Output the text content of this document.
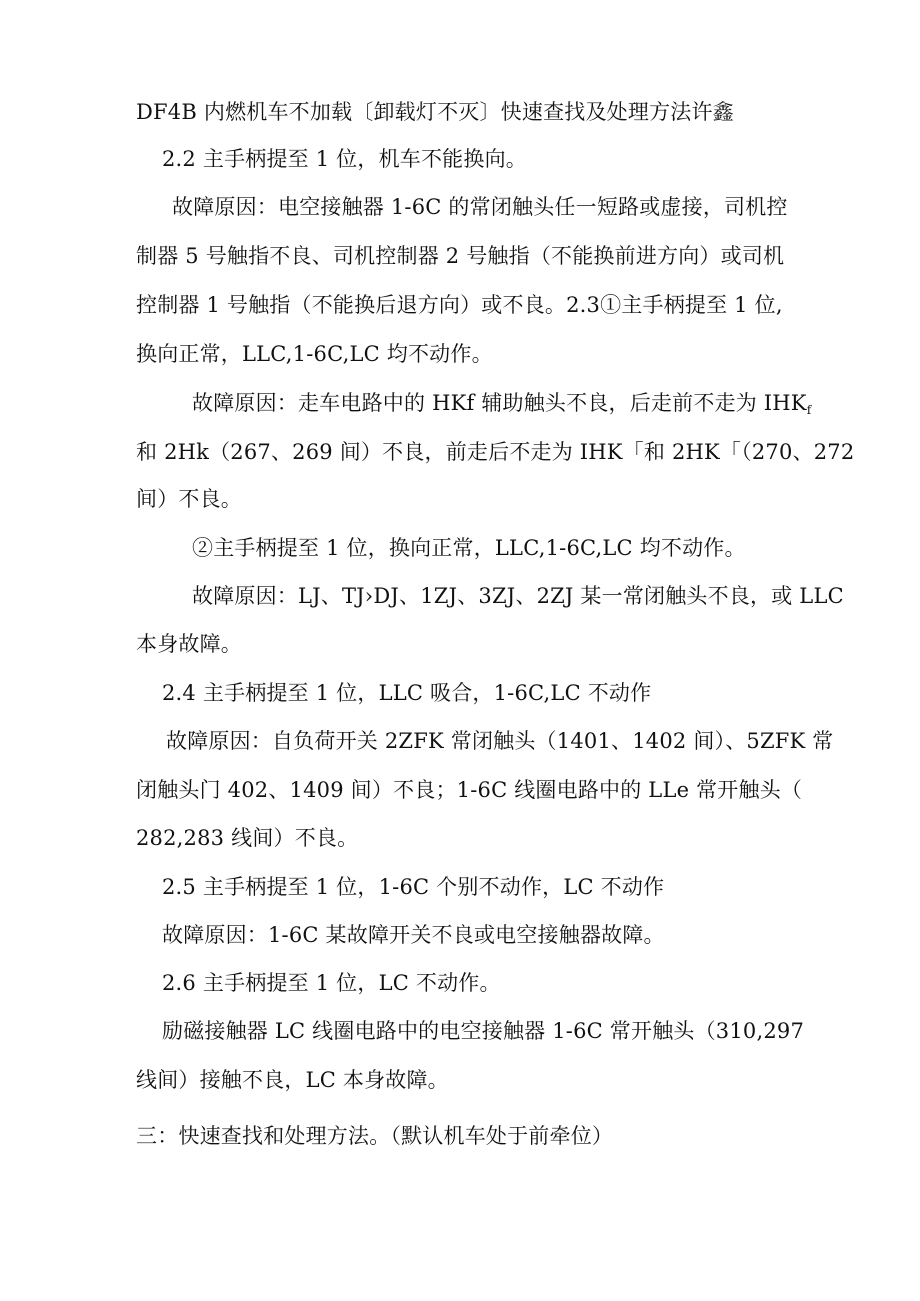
DF4B 内燃机车不加载〔卸载灯不灭〕快速查找及处理方法许鑫
2.2 主手柄提至 1 位，机车不能换向。
故障原因：电空接触器 1-6C 的常闭触头任一短路或虚接，司机控
制器 5 号触指不良、司机控制器 2 号触指（不能换前进方向）或司机
控制器 1 号触指（不能换后退方向）或不良。2.3①主手柄提至 1 位,
换向正常，LLC,1-6C,LC 均不动作。
故障原因：走车电路中的 HKf 辅助触头不良，后走前不走为 $IHK_f$
和 2Hk（267、269 间）不良，前走后不走为 IHK「和 2HK「（270、272
间）不良。
②主手柄提至 1 位，换向正常，LLC,1-6C,LC 均不动作。
故障原因：LJ、TJ›DJ、1ZJ、3ZJ、2ZJ 某一常闭触头不良，或 LLC
本身故障。
2.4 主手柄提至 1 位，LLC 吸合，1-6C,LC 不动作
故障原因：自负荷开关 2ZFK 常闭触头（1401、1402 间）、5ZFK 常
闭触头门 402、1409 间）不良；1-6C 线圈电路中的 LLe 常开触头（
282,283 线间）不良。
2.5 主手柄提至 1 位，1-6C 个别不动作，LC 不动作
故障原因：1-6C 某故障开关不良或电空接触器故障。
2.6 主手柄提至 1 位，LC 不动作。
励磁接触器 LC 线圈电路中的电空接触器 1-6C 常开触头（310,297
线间）接触不良，LC 本身故障。
三：快速查找和处理方法。（默认机车处于前牵位）
